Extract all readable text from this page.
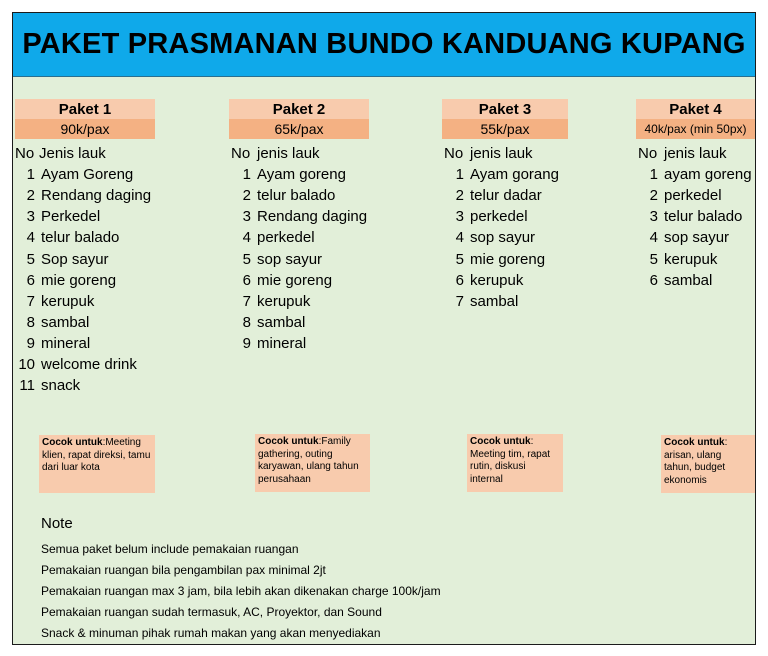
PAKET PRASMANAN BUNDO KANDUANG KUPANG
Paket 1
90k/pax
Paket 2
65k/pax
Paket 3
55k/pax
Paket 4
40k/pax (min 50px)
No Jenis lauk
1 Ayam Goreng
2 Rendang daging
3 Perkedel
4 telur balado
5 Sop sayur
6 mie goreng
7 kerupuk
8 sambal
9 mineral
10 welcome drink
11 snack
No jenis lauk
1 Ayam goreng
2 telur balado
3 Rendang daging
4 perkedel
5 sop sayur
6 mie goreng
7 kerupuk
8 sambal
9 mineral
No jenis lauk
1 Ayam gorang
2 telur dadar
3 perkedel
4 sop sayur
5 mie goreng
6 kerupuk
7 sambal
No jenis lauk
1 ayam goreng
2 perkedel
3 telur balado
4 sop sayur
5 kerupuk
6 sambal
Cocok untuk:Meeting klien, rapat direksi, tamu dari luar kota
Cocok untuk:Family gathering, outing karyawan, ulang tahun perusahaan
Cocok untuk: Meeting tim, rapat rutin, diskusi internal
Cocok untuk: arisan, ulang tahun, budget ekonomis
Note
Semua paket belum include pemakaian ruangan
Pemakaian ruangan bila pengambilan pax minimal 2jt
Pemakaian ruangan max 3 jam, bila lebih akan dikenakan charge 100k/jam
Pemakaian ruangan sudah termasuk, AC, Proyektor, dan Sound
Snack & minuman pihak rumah makan yang akan menyediakan
